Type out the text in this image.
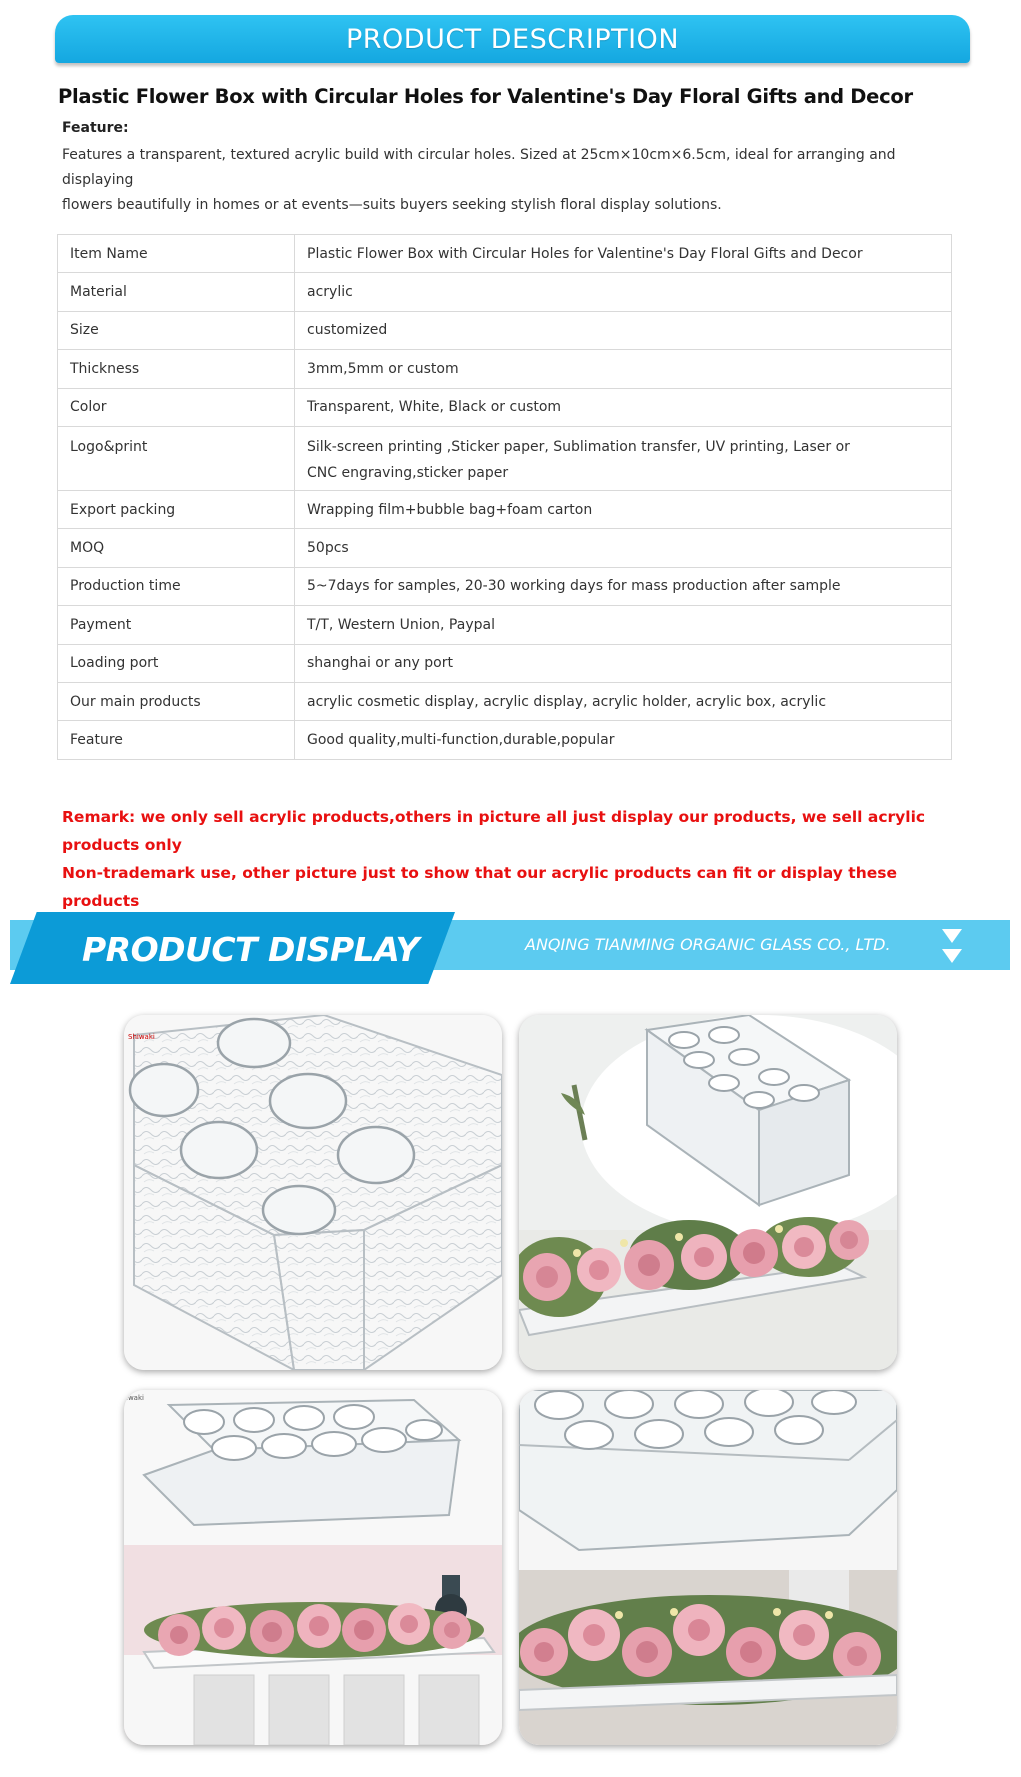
PRODUCT DESCRIPTION
Plastic Flower Box with Circular Holes for Valentine's Day Floral Gifts and Decor
Feature:
Features a transparent, textured acrylic build with circular holes. Sized at 25cm×10cm×6.5cm, ideal for arranging and
displaying
flowers beautifully in homes or at events—suits buyers seeking stylish floral display solutions.
Item Name	Plastic Flower Box with Circular Holes for Valentine's Day Floral Gifts and Decor
Material	acrylic
Size	customized
Thickness	3mm,5mm or custom
Color	Transparent, White, Black or custom
Logo&print	Silk-screen printing ,Sticker paper, Sublimation transfer, UV printing, Laser or
CNC engraving,sticker paper

Export packing	Wrapping film+bubble bag+foam carton
MOQ	50pcs
Production time	5~7days for samples, 20-30 working days for mass production after sample
Payment	T/T, Western Union, Paypal
Loading port	shanghai or any port
Our main products	acrylic cosmetic display, acrylic display, acrylic holder, acrylic box, acrylic
Feature	Good quality,multi-function,durable,popular
Remark: we only sell acrylic products,others in picture all just display our products, we sell acrylic
products only
Non-trademark use, other picture just to show that our acrylic products can fit or display these products
PRODUCT DISPLAY	ANQING TIANMING ORGANIC GLASS CO., LTD.
Shiwaki
iwaki
